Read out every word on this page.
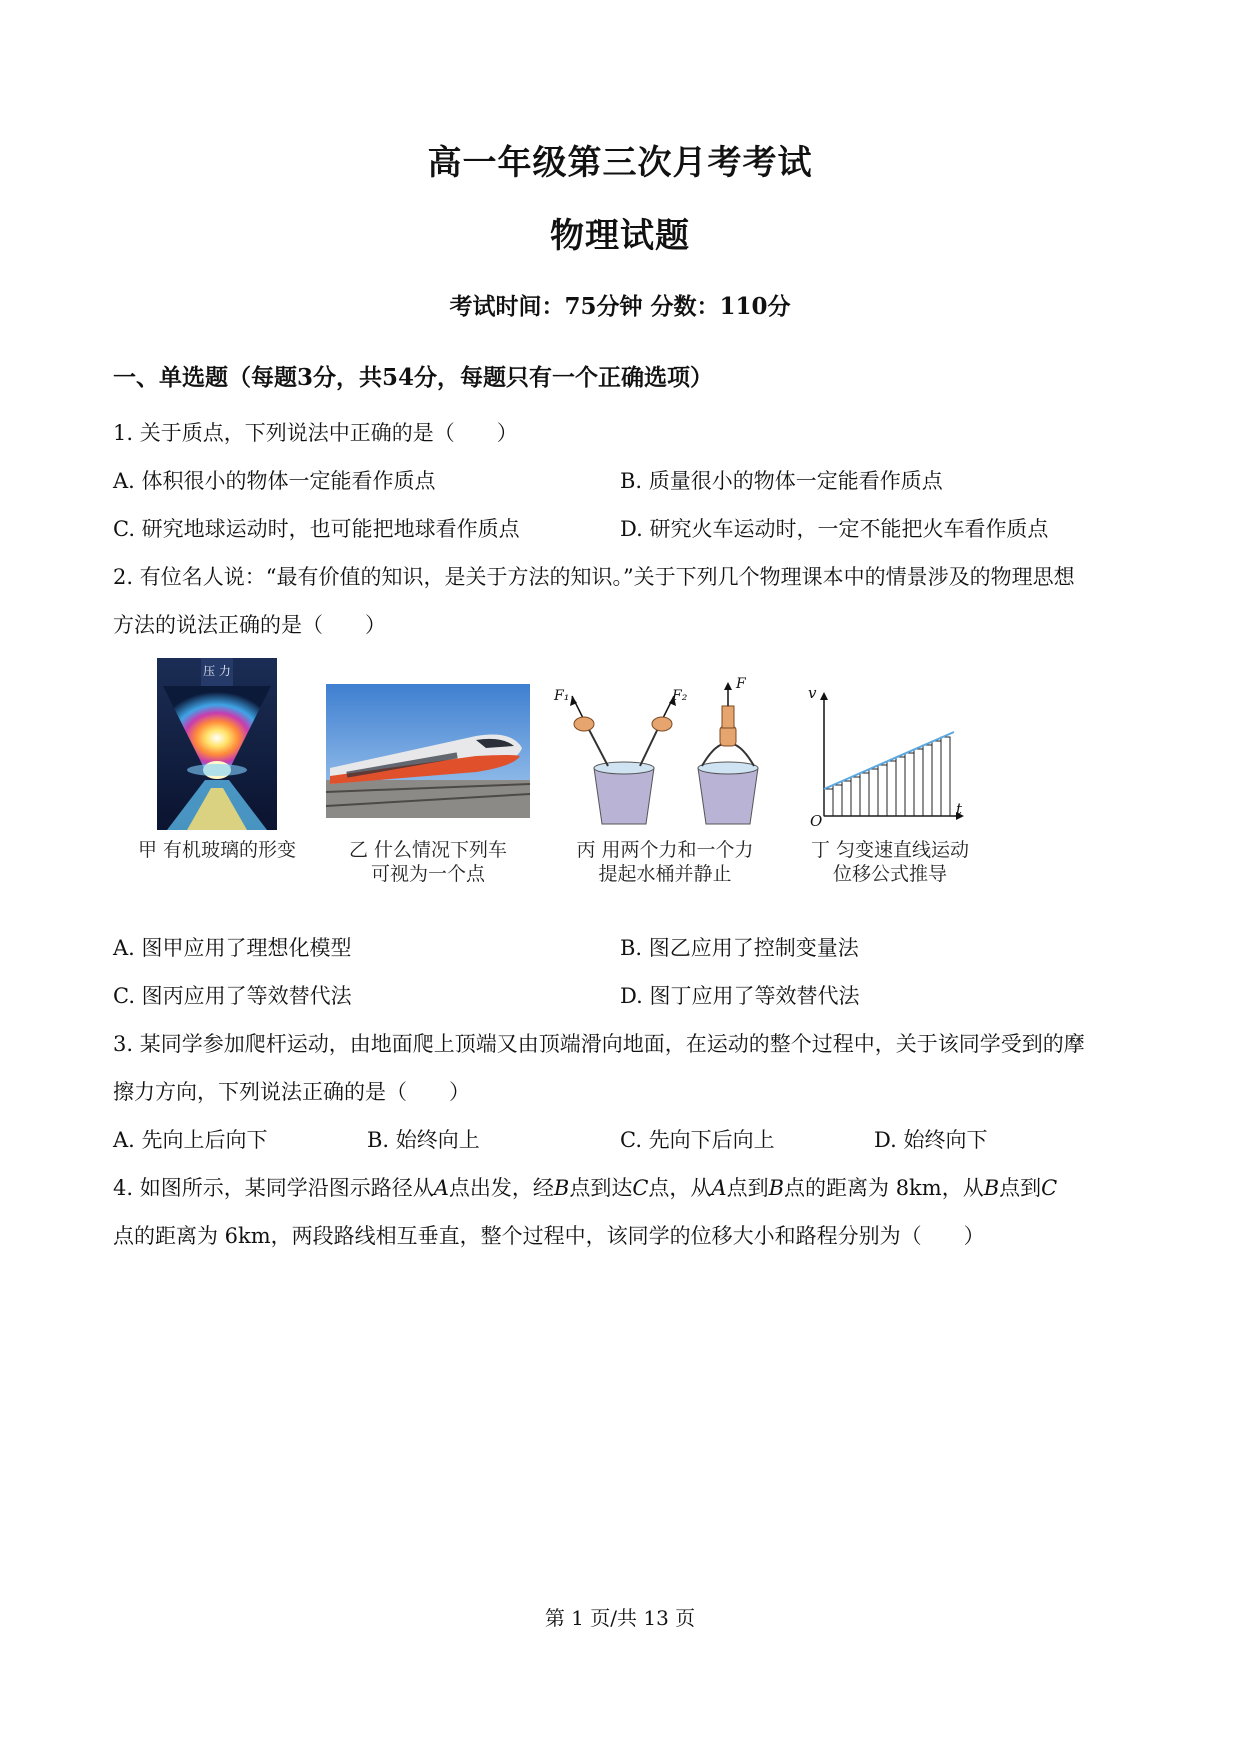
高一年级第三次月考考试
物理试题
考试时间：75分钟 分数：110分
一、单选题（每题3分，共54分，每题只有一个正确选项）
1. 关于质点，下列说法中正确的是（　　）
A. 体积很小的物体一定能看作质点	B. 质量很小的物体一定能看作质点
C. 研究地球运动时，也可能把地球看作质点	D. 研究火车运动时，一定不能把火车看作质点
2. 有位名人说：“最有价值的知识，是关于方法的知识。”关于下列几个物理课本中的情景涉及的物理思想
方法的说法正确的是（　　）
压 力
甲 有机玻璃的形变	乙 什么情况下列车
可视为一个点
F₁	F₂
F
丙 用两个力和一个力
提起水桶并静止
v
O
t
丁 匀变速直线运动
位移公式推导
A. 图甲应用了理想化模型	B. 图乙应用了控制变量法
C. 图丙应用了等效替代法	D. 图丁应用了等效替代法
3. 某同学参加爬杆运动，由地面爬上顶端又由顶端滑向地面，在运动的整个过程中，关于该同学受到的摩
擦力方向，下列说法正确的是（　　）
A. 先向上后向下	B. 始终向上	C. 先向下后向上	D. 始终向下
4. 如图所示，某同学沿图示路径从A点出发，经B点到达C点，从A点到B点的距离为 8km，从B点到C
点的距离为 6km，两段路线相互垂直，整个过程中，该同学的位移大小和路程分别为（　　）
第 1 页/共 13 页
